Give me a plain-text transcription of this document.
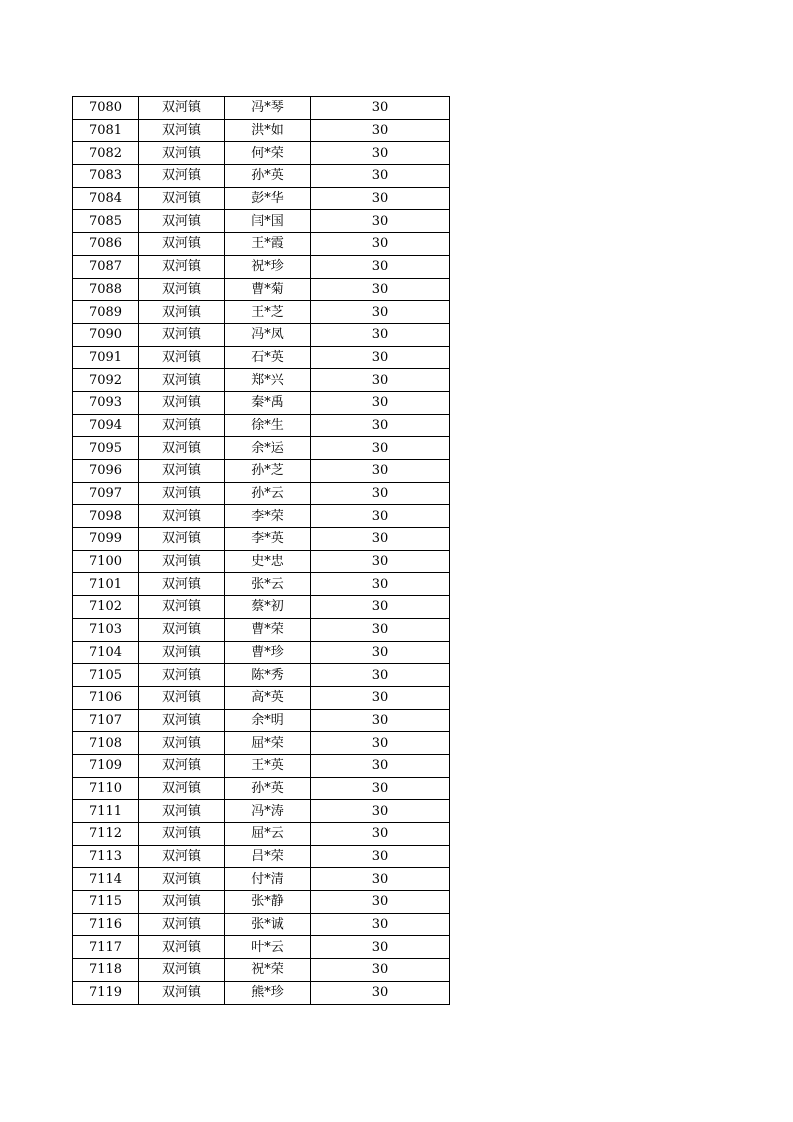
7080	双河镇	冯*琴	30
7081	双河镇	洪*如	30
7082	双河镇	何*荣	30
7083	双河镇	孙*英	30
7084	双河镇	彭*华	30
7085	双河镇	闫*国	30
7086	双河镇	王*霞	30
7087	双河镇	祝*珍	30
7088	双河镇	曹*菊	30
7089	双河镇	王*芝	30
7090	双河镇	冯*凤	30
7091	双河镇	石*英	30
7092	双河镇	郑*兴	30
7093	双河镇	秦*禹	30
7094	双河镇	徐*生	30
7095	双河镇	余*运	30
7096	双河镇	孙*芝	30
7097	双河镇	孙*云	30
7098	双河镇	李*荣	30
7099	双河镇	李*英	30
7100	双河镇	史*忠	30
7101	双河镇	张*云	30
7102	双河镇	蔡*初	30
7103	双河镇	曹*荣	30
7104	双河镇	曹*珍	30
7105	双河镇	陈*秀	30
7106	双河镇	高*英	30
7107	双河镇	余*明	30
7108	双河镇	屈*荣	30
7109	双河镇	王*英	30
7110	双河镇	孙*英	30
7111	双河镇	冯*涛	30
7112	双河镇	屈*云	30
7113	双河镇	吕*荣	30
7114	双河镇	付*清	30
7115	双河镇	张*静	30
7116	双河镇	张*诚	30
7117	双河镇	叶*云	30
7118	双河镇	祝*荣	30
7119	双河镇	熊*珍	30
